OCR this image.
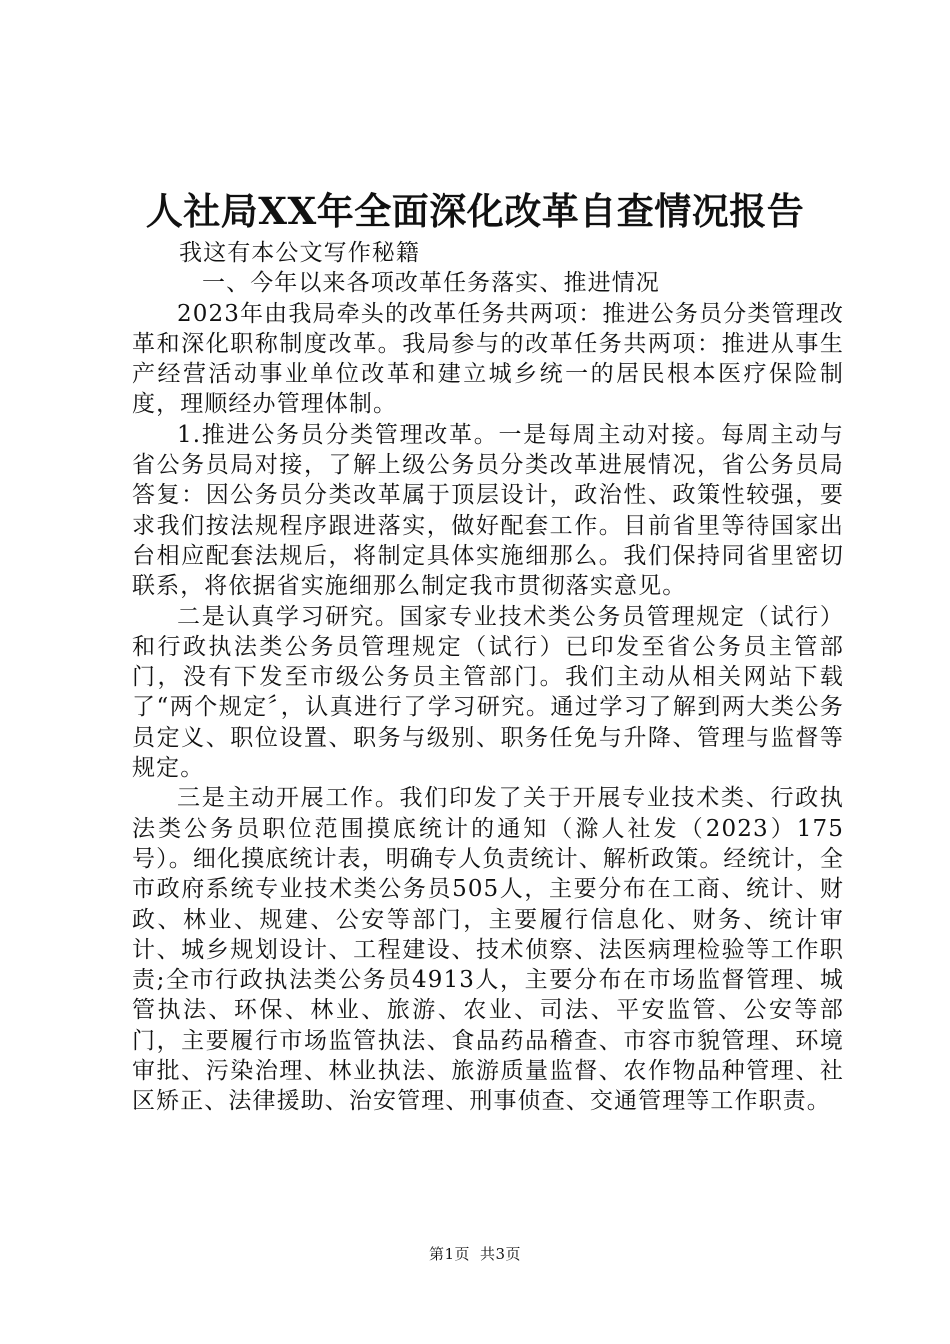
人社局XX年全面深化改革自查情况报告

我这有本公文写作秘籍

一、今年以来各项改革任务落实、推进情况

2023年由我局牵头的改革任务共两项：推进公务员分类管理改革和深化职称制度改革。我局参与的改革任务共两项：推进从事生产经营活动事业单位改革和建立城乡统一的居民根本医疗保险制度，理顺经办管理体制。

1.推进公务员分类管理改革。一是每周主动对接。每周主动与省公务员局对接，了解上级公务员分类改革进展情况，省公务员局答复：因公务员分类改革属于顶层设计，政治性、政策性较强，要求我们按法规程序跟进落实，做好配套工作。目前省里等待国家出台相应配套法规后，将制定具体实施细那么。我们保持同省里密切联系，将依据省实施细那么制定我市贯彻落实意见。

二是认真学习研究。国家专业技术类公务员管理规定（试行）和行政执法类公务员管理规定（试行）已印发至省公务员主管部门，没有下发至市级公务员主管部门。我们主动从相关网站下载了“两个规定〞，认真进行了学习研究。通过学习了解到两大类公务员定义、职位设置、职务与级别、职务任免与升降、管理与监督等规定。

三是主动开展工作。我们印发了关于开展专业技术类、行政执法类公务员职位范围摸底统计的通知（滁人社发（2023）175号）。细化摸底统计表，明确专人负责统计、解析政策。经统计，全市政府系统专业技术类公务员505人，主要分布在工商、统计、财政、林业、规建、公安等部门，主要履行信息化、财务、统计审计、城乡规划设计、工程建设、技术侦察、法医病理检验等工作职责;全市行政执法类公务员4913人，主要分布在市场监督管理、城管执法、环保、林业、旅游、农业、司法、平安监管、公安等部门，主要履行市场监管执法、食品药品稽查、市容市貌管理、环境审批、污染治理、林业执法、旅游质量监督、农作物品种管理、社区矫正、法律援助、治安管理、刑事侦查、交通管理等工作职责。

第1页 共3页
